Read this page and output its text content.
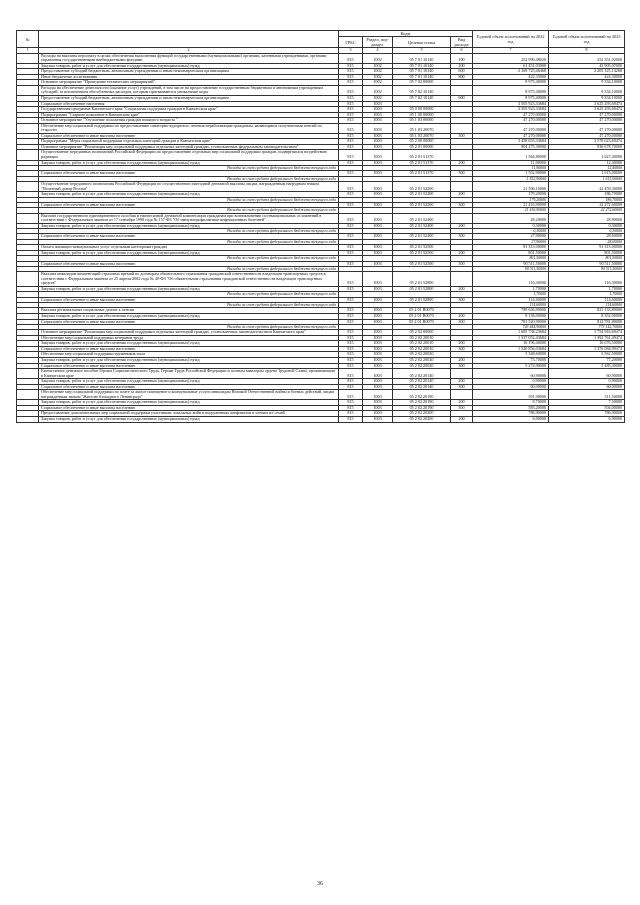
№		Коды				Годовой объем ассигнований на 2022 год	Годовой объем ассигнований на 2023 год
		ГРБС	Раздел, под-раздел	Целевая статья	Вид расхода		
1	2	3	4	5	6	7	8
	Расходы на выплаты персоналу в целях обеспечения выполнения функций государственными (муниципальными) органами, казенными учреждениями, органами управления государственными внебюджетными фондами	815	1002	05 7 01 10140	100	252 990,48020	252 351,02000
	Закупка товаров, работ и услуг для обеспечения государственных (муниципальных) нужд	815	1002	05 7 01 10140	200	61 451,03000	43 905,07000
	Предоставление субсидий бюджетным, автономным учреждениям и иным некоммерческим организациям	815	1002	05 7 01 10140	600	2 169 725,46468	2 205 125,14268
	Иные бюджетные ассигнования	815	1002	05 7 01 10140	800	422,33000	424,30000
	Основное мероприятие "Проведение технических мероприятий"	815	1002	05 7 02 00000		8 975,40000	9 334,10000
	Расходы на обеспечение деятельности (оказание услуг) учреждений, в том числе на предоставление государственным бюджетным и автономным учреждениям субсидий, за исключением обособленных расходов, которым присваиваются уникальные коды	815	1002	05 7 02 10140		8 975,40000	9 334,10000
	Предоставление субсидий бюджетным, автономным учреждениям и иным некоммерческим организациям	815	1002	05 7 02 10140	600	8 975,40000	9 334,10000
	Социальное обеспечение населения	815	1003			3 505 923,33684	3 625 293,69474
	Государственная программа Камчатского края "Социальная поддержка граждан в Камчатском крае"	815	1003	05 0 00 00000		3 505 923,33684	3 625 293,69474
	Подпрограмма "Старшее поколение в Камчатском крае"	815	1003	05 1 00 00000		47 270,00000	47 270,00000
	Основное мероприятие "Улучшение положения граждан пожилого возраста "	815	1003	05 1 03 00000		47 270,00000	47 270,00000
	Обеспечение мер социальной поддержки по предоставлению санаторно-курортного лечения неработающим гражданам, являющимся получателями пенсий по старости	815	1003	05 1 03 20070		47 270,00000	47 270,00000
	Социальное обеспечение и иные выплаты населению	815	1003	05 1 03 20070	300	47 270,00000	47 270,00000
	Подпрограмма "Меры социальной поддержки отдельных категорий граждан в Камчатском крае"	815	1003	05 2 00 00000		3 458 653,33684	3 578 023,69474
	Основное мероприятие "Реализация мер социальной поддержки отдельных категорий граждан, установленных федеральным законодательством"	815	1003	05 2 01 00000		904 275,30000	936 678,70000
	Осуществление переданных полномочий Российской Федерации по предоставлению отдельных мер социальной поддержки граждан, подвергшихся воздействию радиации	815	1003	05 2 01 51370		1 564,80000	1 627,40000
	Закупка товаров, работ и услуг для обеспечения государственных (муниципальных) нужд	815	1003	05 2 01 51370	200	11,90000	12,40000
	Расходы за счет средств федерального бюджета текущего года					11,90000	12,40000
	Социальное обеспечение и иные выплаты населению	815	1003	05 2 01 51370	300	1 552,90000	1 615,00000
	Расходы за счет средств федерального бюджета текущего года					1 552,90000	1 615,00000
	Осуществление переданного полномочия Российской Федерации по осуществлению ежегодной денежной выплаты лицам, награжденным нагрудным знаком "Почетный донор России"	815	1003	05 2 01 52200		21 596,10000	22 459,30000
	Закупка товаров, работ и услуг для обеспечения государственных (муниципальных) нужд	815	1003	05 2 01 52200	200	179,20000	186,70000
	Расходы за счет средств федерального бюджета текущего года					179,20000	186,70000
	Социальное обеспечение и иные выплаты населению	815	1003	05 2 01 52200	300	21 416,90000	22 272,60000
	Расходы за счет средств федерального бюджета текущего года					21 416,90000	22 272,60000
	Выплата государственного единовременного пособия и ежемесячной денежной компенсации гражданам при возникновении поствакцинальных осложнений в соответствии с Федеральным законом от 17 сентября 1998 года № 157-ФЗ "Об иммунопрофилактике инфекционных болезней"	815	1003	05 2 01 52400		28,20000	28,90000
	Закупка товаров, работ и услуг для обеспечения государственных (муниципальных) нужд	815	1003	05 2 01 52400	200	0,30000	0,30000
	Расходы за счет средств федерального бюджета текущего года					0,30000	0,30000
	Социальное обеспечение и иные выплаты населению	815	1003	05 2 01 52400	300	27,90000	28,60000
	Расходы за счет средств федерального бюджета текущего года					27,90000	28,60000
	Оплата жилищно-коммунальных услуг отдельным категориям граждан	815	1003	05 2 01 52500		91 313,00000	91 313,00000
	Закупка товаров, работ и услуг для обеспечения государственных (муниципальных) нужд	815	1003	05 2 01 52500	200	801,50000	801,50000
	Расходы за счет средств федерального бюджета текущего года					801,50000	801,50000
	Социальное обеспечение и иные выплаты населению	815	1003	05 2 01 52500	300	90 511,50000	90 511,50000
	Расходы за счет средств федерального бюджета текущего года					90 511,50000	90 511,50000
	Выплата инвалидам компенсаций страховых премий по договорам обязательного страхования гражданской ответственности владельцев транспортных средств в соответствии с Федеральным законом от 25 апреля 2002 года № 40-ФЗ "Об обязательном страховании гражданской ответственности владельцев транспортных средств"	815	1003	05 2 01 52800		116,30000	116,30000
	Закупка товаров, работ и услуг для обеспечения государственных (муниципальных) нужд	815	1003	05 2 01 52800	200	1,70000	1,70000
	Расходы за счет средств федерального бюджета текущего года					1,70000	1,70000
	Социальное обеспечение и иные выплаты населению	815	1003	05 2 01 52800	300	114,60000	114,60000
	Расходы за счет средств федерального бюджета текущего года					114,60000	114,60000
	Выплата региональных социальных доплат к пенсии	815	1003	05 2 01 R0070		789 656,90000	821 133,80000
	Закупка товаров, работ и услуг для обеспечения государственных (муниципальных) нужд	815	1003	05 2 01 R0070	200	8 136,00000	8 352,00000
	Социальное обеспечение и иные выплаты населению	815	1003	05 2 01 R0070	300	781 520,90000	812 781,80000
	Расходы за счет средств федерального бюджета текущего года					743 444,90000	773 142,70000
	Основное мероприятие "Реализация мер социальной поддержки отдельных категорий граждан, установленных законодательством Камчатского края"	815	1003	05 2 02 00000		1 685 738,23684	1 754 916,69474
	Обеспечение мер социальной поддержки ветеранов труда	815	1003	05 2 02 20010		1 337 052,43684	1 392 761,49474
	Закупка товаров, работ и услуг для обеспечения государственных (муниципальных) нужд	815	1003	05 2 02 20010	200	16 196,40000	16 676,50000
	Социальное обеспечение и иные выплаты населению	815	1003	05 2 02 20010	300	1 320 856,03684	1 376 084,99474
	Обеспечение мер социальной поддержки тружеников тыла	815	1003	05 2 02 20020		5 348,60000	5 562,50000
	Закупка товаров, работ и услуг для обеспечения государственных (муниципальных) нужд	815	1003	05 2 02 20020	200	73,70000	77,20000
	Социальное обеспечение и иные выплаты населению	815	1003	05 2 02 20020	300	5 274,90000	5 485,30000
	Ежемесячное денежное пособие Героям Социалистического Труда, Героям Труда Российской Федерации и полным кавалерам ордена Трудовой Славы, проживающим в Камчатском крае	815	1003	05 2 02 20140		60,90000	60,90000
	Закупка товаров, работ и услуг для обеспечения государственных (муниципальных) нужд	815	1003	05 2 02 20140	200	0,90000	0,90000
	Социальное обеспечение и иные выплаты населению	815	1003	05 2 02 20140	300	60,00000	60,00000
	Обеспечение мер социальной поддержки по плате за жилое помещение и коммунальные услуги инвалидам Великой Отечественной войны и боевых действий, лицам награжденным знаком "Жителю блокадного Ленинграда"	815	1003	05 2 02 20190		591,90000	511,50000
	Закупка товаров, работ и услуг для обеспечения государственных (муниципальных) нужд	815	1003	05 2 02 20190	200	8,70000	7,50000
	Социальное обеспечение и иные выплаты населению	815	1003	05 2 02 20190	300	583,20000	504,00000
	Предоставление дополнительных мер социальной поддержки участникам локальных войн и вооруженных конфликтов и членам их семей	815	1003	05 2 02 20200		786,90000	786,90000
	Закупка товаров, работ и услуг для обеспечения государственных (муниципальных) нужд	815	1003	05 2 02 20200	200	6,90000	6,90000
36
